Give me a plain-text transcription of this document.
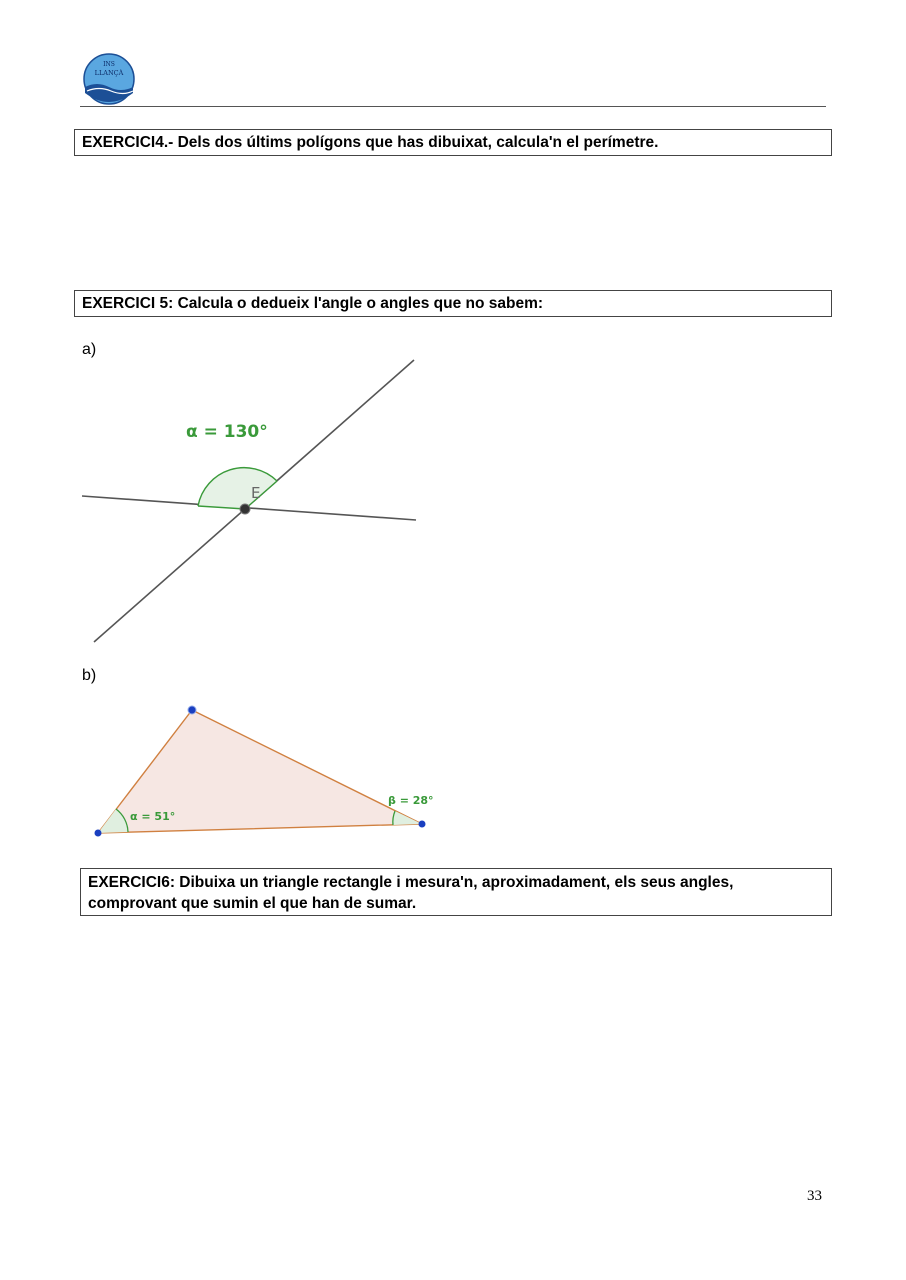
INS
LLANÇÀ
EXERCICI4.- Dels dos últims polígons que has dibuixat, calcula'n el perímetre.
EXERCICI 5: Calcula o dedueix l'angle o angles que no sabem:
a)
E
α = 130°
b)
α = 51°
β = 28°
EXERCICI6: Dibuixa un triangle rectangle i mesura'n, aproximadament, els seus angles, comprovant que sumin el que han de sumar.
33
